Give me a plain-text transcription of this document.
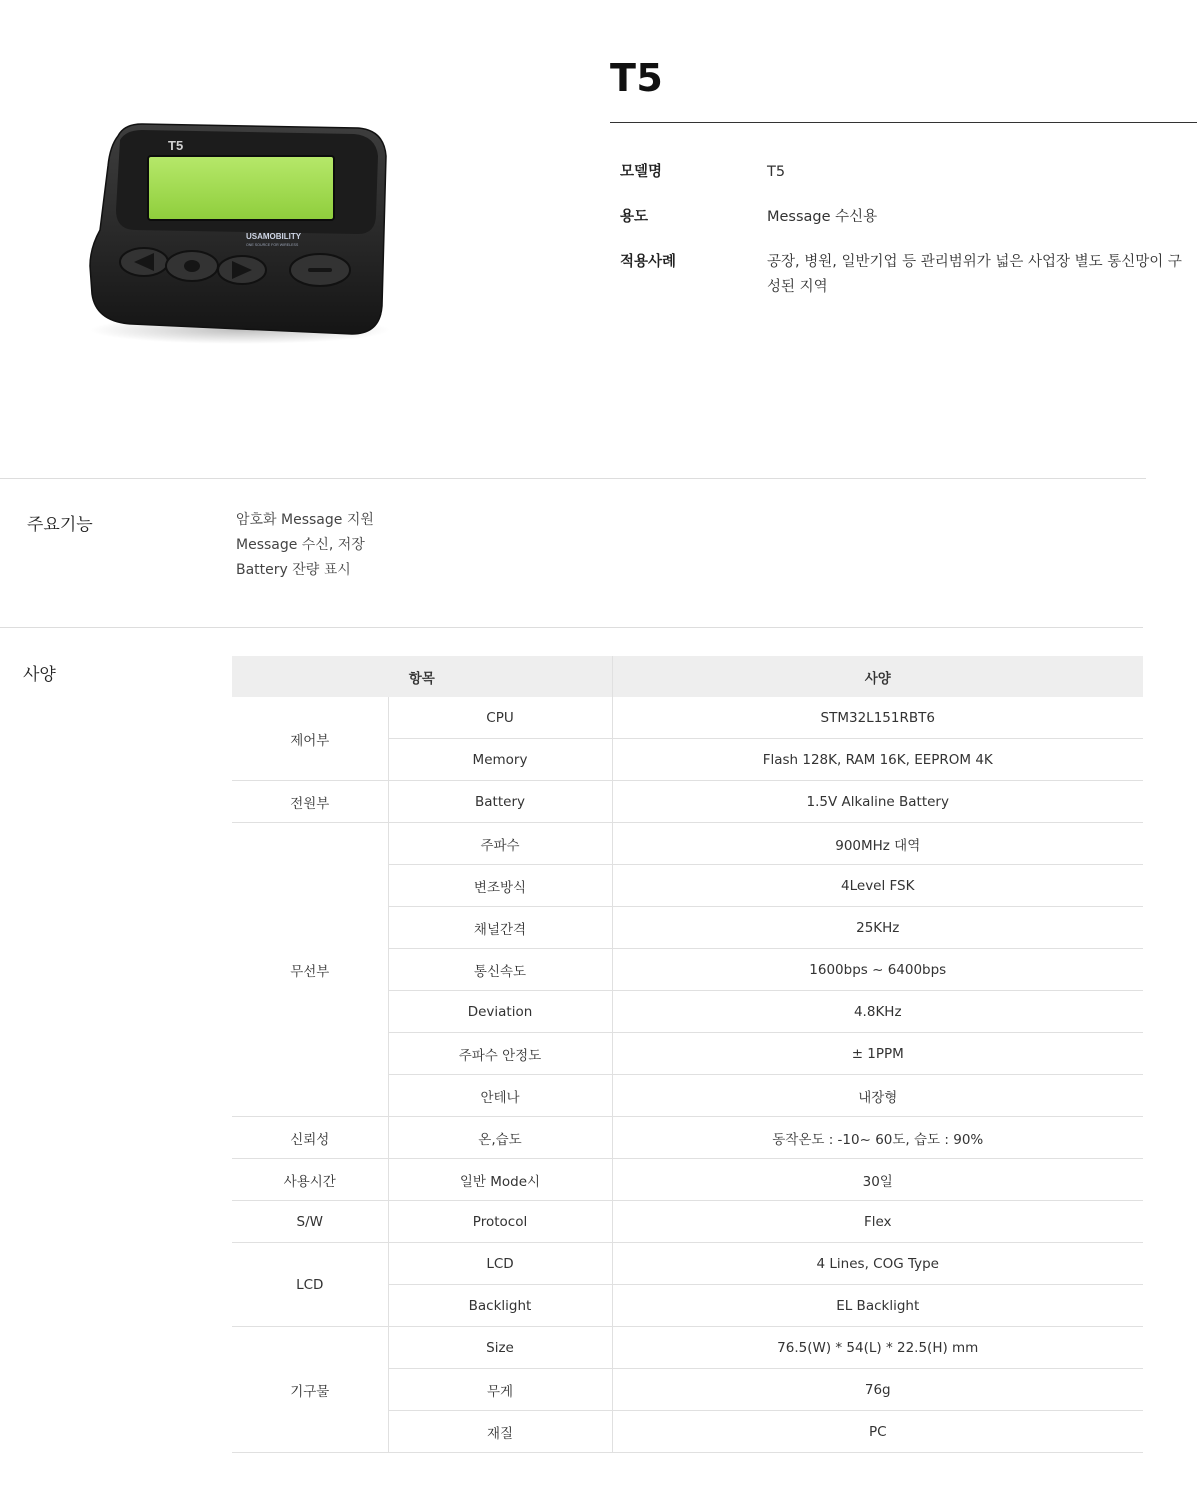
T5
USAMOBILITY
ONE SOURCE FOR WIRELESS
T5
모델명	T5
용도	Message 수신용
적용사례	공장, 병원, 일반기업 등 관리범위가 넓은 사업장 별도 통신망이 구성된 지역
주요기능	암호화 Message 지원
Message 수신, 저장
Battery 잔량 표시
사양	항목		사양
제어부	CPU	STM32L151RBT6
	Memory	Flash 128K, RAM 16K, EEPROM 4K
전원부	Battery	1.5V Alkaline Battery
무선부	주파수	900MHz 대역
	변조방식	4Level FSK
	채널간격	25KHz
	통신속도	1600bps ~ 6400bps
	Deviation	4.8KHz
	주파수 안정도	± 1PPM
	안테나	내장형
신뢰성	온,습도	동작온도 : -10~ 60도, 습도 : 90%
사용시간	일반 Mode시	30일
S/W	Protocol	Flex
LCD	LCD	4 Lines, COG Type
	Backlight	EL Backlight
기구물	Size	76.5(W) * 54(L) * 22.5(H) mm
	무게	76g
	재질	PC
